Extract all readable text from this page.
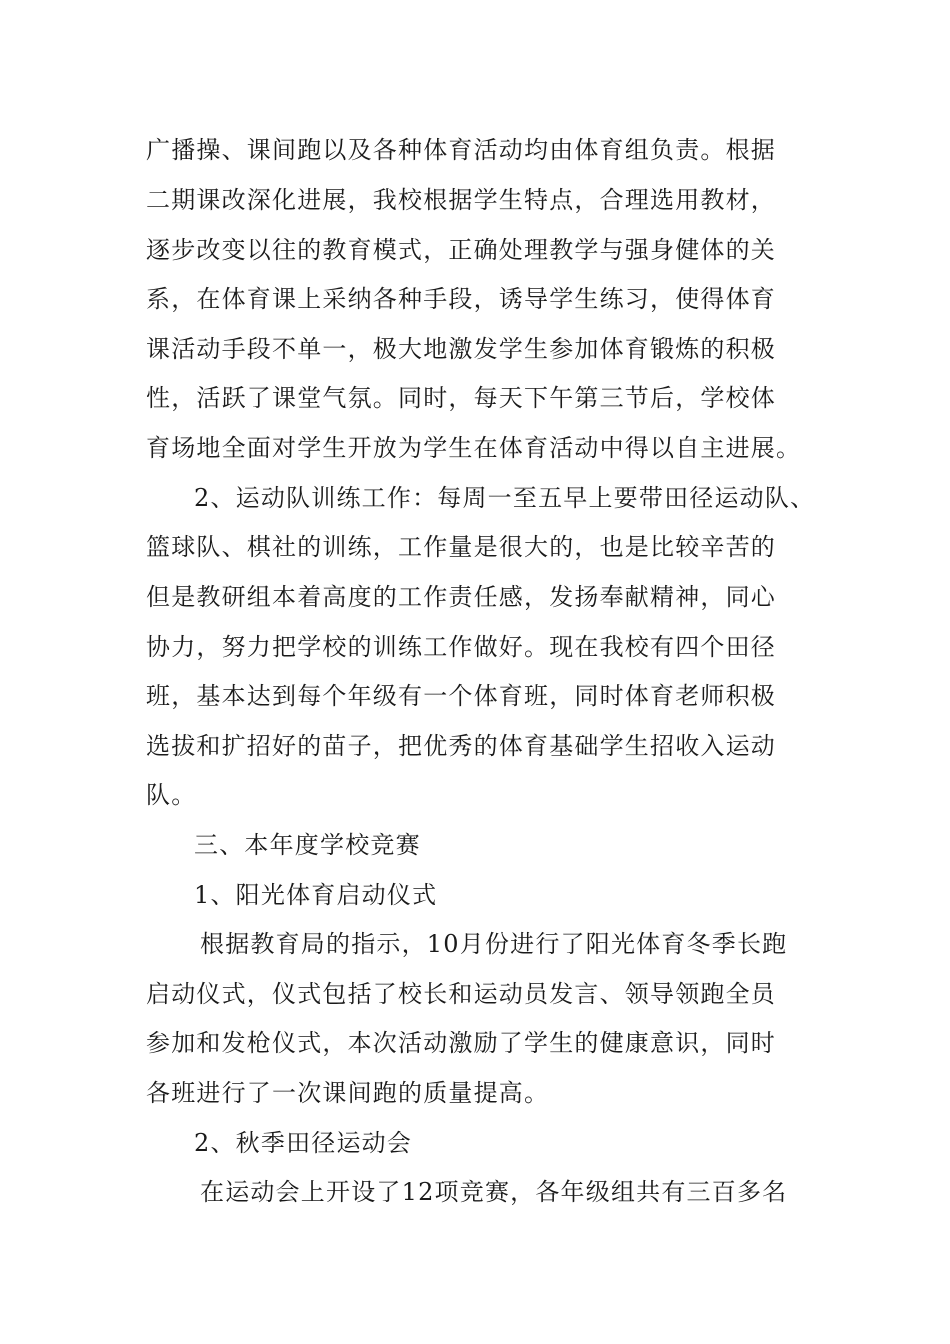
广播操、课间跑以及各种体育活动均由体育组负责。根据
二期课改深化进展，我校根据学生特点，合理选用教材，
逐步改变以往的教育模式，正确处理教学与强身健体的关
系，在体育课上采纳各种手段，诱导学生练习，使得体育
课活动手段不单一，极大地激发学生参加体育锻炼的积极
性，活跃了课堂气氛。同时，每天下午第三节后，学校体
育场地全面对学生开放为学生在体育活动中得以自主进展。
2、运动队训练工作：每周一至五早上要带田径运动队、
篮球队、棋社的训练，工作量是很大的，也是比较辛苦的
但是教研组本着高度的工作责任感，发扬奉献精神，同心
协力，努力把学校的训练工作做好。现在我校有四个田径
班，基本达到每个年级有一个体育班，同时体育老师积极
选拔和扩招好的苗子，把优秀的体育基础学生招收入运动
队。
三、本年度学校竞赛
1、阳光体育启动仪式
根据教育局的指示，10月份进行了阳光体育冬季长跑
启动仪式，仪式包括了校长和运动员发言、领导领跑全员
参加和发枪仪式，本次活动激励了学生的健康意识，同时
各班进行了一次课间跑的质量提高。
2、秋季田径运动会
在运动会上开设了12项竞赛，各年级组共有三百多名
